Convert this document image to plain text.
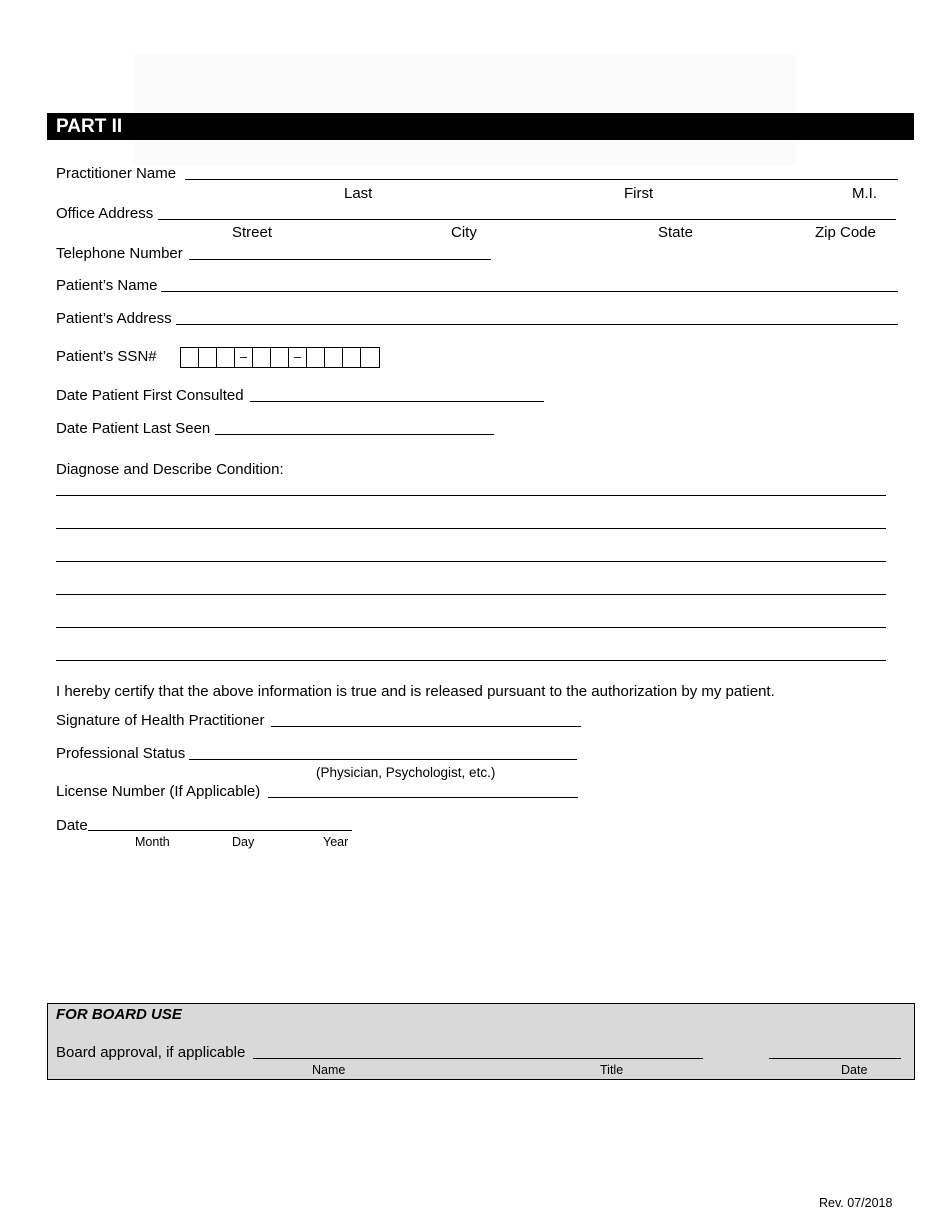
PART II
Practitioner Name
Last	First	M.I.
Office Address
Street	City	State	Zip Code
Telephone Number
Patient’s Name
Patient’s Address
Patient’s SSN#	–	–
Date Patient First Consulted
Date Patient Last Seen
Diagnose and Describe Condition:
I hereby certify that the above information is true and is released pursuant to the authorization by my patient.
Signature of Health Practitioner
Professional Status
(Physician, Psychologist, etc.)
License Number (If Applicable)
Date
Month	Day	Year
FOR BOARD USE
Board approval, if applicable
Name	Title	Date
Rev. 07/2018
